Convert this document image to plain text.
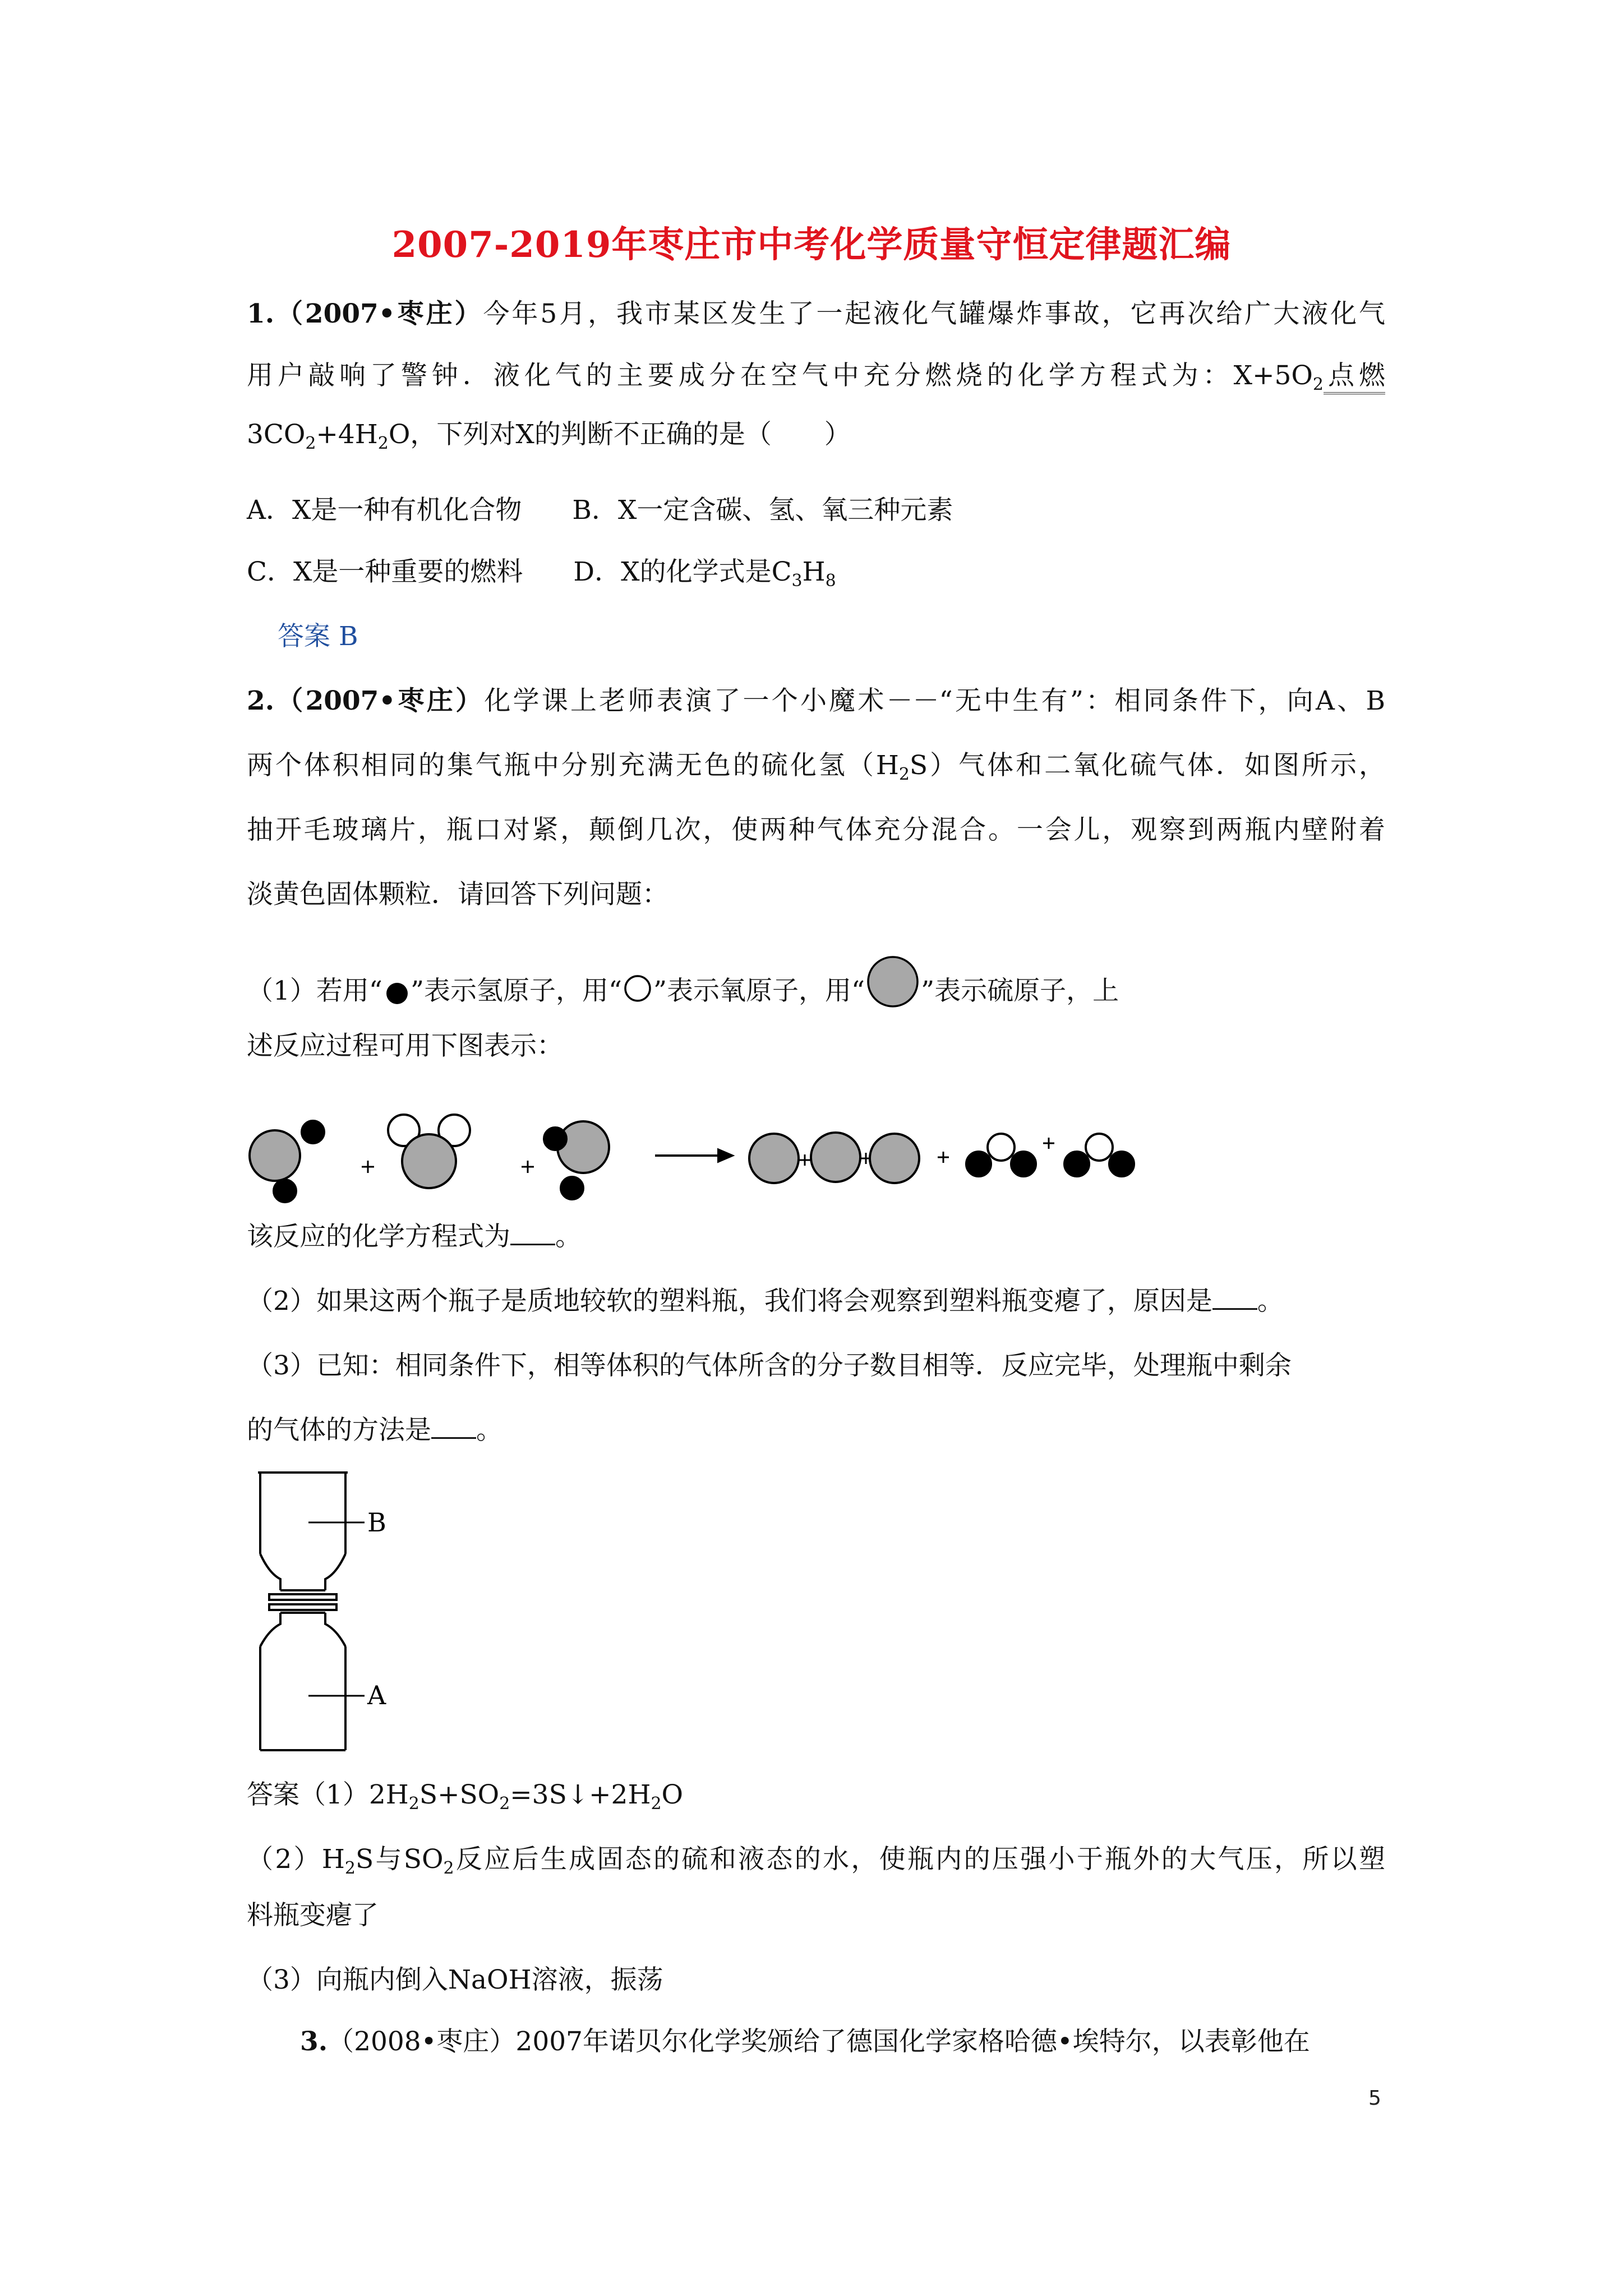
2007-2019年枣庄市中考化学质量守恒定律题汇编

1.（2007•枣庄）今年5月，我市某区发生了一起液化气罐爆炸事故，它再次给广大液化气

用户敲响了警钟．液化气的主要成分在空气中充分燃烧的化学方程式为：$X+5O_2$点燃

$3CO_2+4H_2O$，下列对X的判断不正确的是（　　）

A．X是一种有机化合物 B．X一定含碳、氢、氧三种元素

C．X是一种重要的燃料 D．X的化学式是$C_3H_8$

答案 B

2.（2007•枣庄）化学课上老师表演了一个小魔术－－“无中生有”：相同条件下，向A、B

两个体积相同的集气瓶中分别充满无色的硫化氢$(H_2S)$气体和二氧化硫气体．如图所示，

抽开毛玻璃片，瓶口对紧，颠倒几次，使两种气体充分混合。一会儿，观察到两瓶内壁附着

淡黄色固体颗粒．请回答下列问题：

（1）若用“ ”表示氢原子，用“ ”表示氧原子，用“ ”表示硫原子，上

述反应过程可用下图表示：

该反应的化学方程式为 。

（2）如果这两个瓶子是质地较软的塑料瓶，我们将会观察到塑料瓶变瘪了，原因是 。

（3）已知：相同条件下，相等体积的气体所含的分子数目相等．反应完毕，处理瓶中剩余

的气体的方法是 。

B
A

答案$(1)2H_2S+SO_2=3S↓+2H_2O$

$(2)H_2S$与$SO_2$反应后生成固态的硫和液态的水，使瓶内的压强小于瓶外的大气压，所以塑

料瓶变瘪了

（3）向瓶内倒入NaOH溶液，振荡

3.（2008•枣庄）2007年诺贝尔化学奖颁给了德国化学家格哈德•埃特尔，以表彰他在

5
